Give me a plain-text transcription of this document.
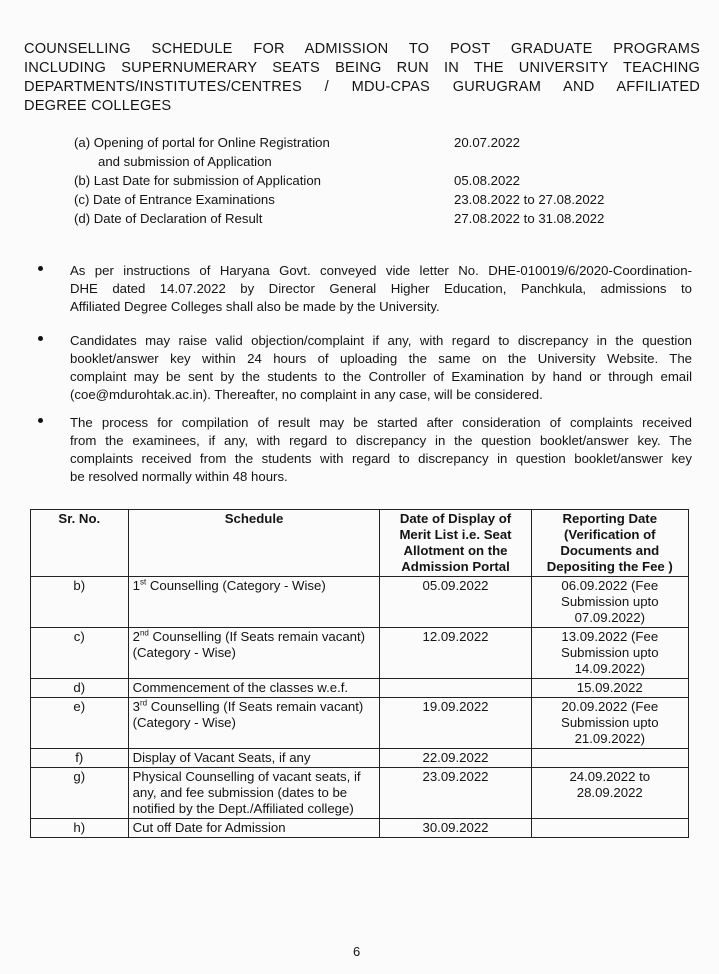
COUNSELLING SCHEDULE FOR ADMISSION TO POST GRADUATE PROGRAMS
INCLUDING SUPERNUMERARY SEATS BEING RUN IN THE UNIVERSITY TEACHING
DEPARTMENTS/INSTITUTES/CENTRES / MDU-CPAS GURUGRAM AND AFFILIATED
DEGREE COLLEGES
(a) Opening of portal for Online Registration	20.07.2022
and submission of Application
(b) Last Date for submission of Application	05.08.2022
(c) Date of Entrance Examinations	23.08.2022 to 27.08.2022
(d) Date of Declaration of Result	27.08.2022 to 31.08.2022
As per instructions of Haryana Govt. conveyed vide letter No. DHE-010019/6/2020-Coordination-
DHE dated 14.07.2022 by Director General Higher Education, Panchkula, admissions to
Affiliated Degree Colleges shall also be made by the University.
Candidates may raise valid objection/complaint if any, with regard to discrepancy in the question
booklet/answer key within 24 hours of uploading the same on the University Website. The
complaint may be sent by the students to the Controller of Examination by hand or through email
(coe@mdurohtak.ac.in). Thereafter, no complaint in any case, will be considered.
The process for compilation of result may be started after consideration of complaints received
from the examinees, if any, with regard to discrepancy in the question booklet/answer key. The
complaints received from the students with regard to discrepancy in question booklet/answer key
be resolved normally within 48 hours.
Sr. No.	Schedule	Date of Display of Merit List i.e. Seat Allotment on the Admission Portal	Reporting Date (Verification of Documents and Depositing the Fee )
b)	1st Counselling (Category - Wise)	05.09.2022	06.09.2022 (Fee Submission upto 07.09.2022)
c)	2nd Counselling (If Seats remain vacant) (Category - Wise)	12.09.2022	13.09.2022 (Fee Submission upto 14.09.2022)
d)	Commencement of the classes w.e.f.		15.09.2022
e)	3rd Counselling (If Seats remain vacant) (Category - Wise)	19.09.2022	20.09.2022 (Fee Submission upto 21.09.2022)
f)	Display of Vacant Seats, if any	22.09.2022	
g)	Physical Counselling of vacant seats, if any, and fee submission (dates to be notified by the Dept./Affiliated college)	23.09.2022	24.09.2022 to 28.09.2022
h)	Cut off Date for Admission	30.09.2022	
6
